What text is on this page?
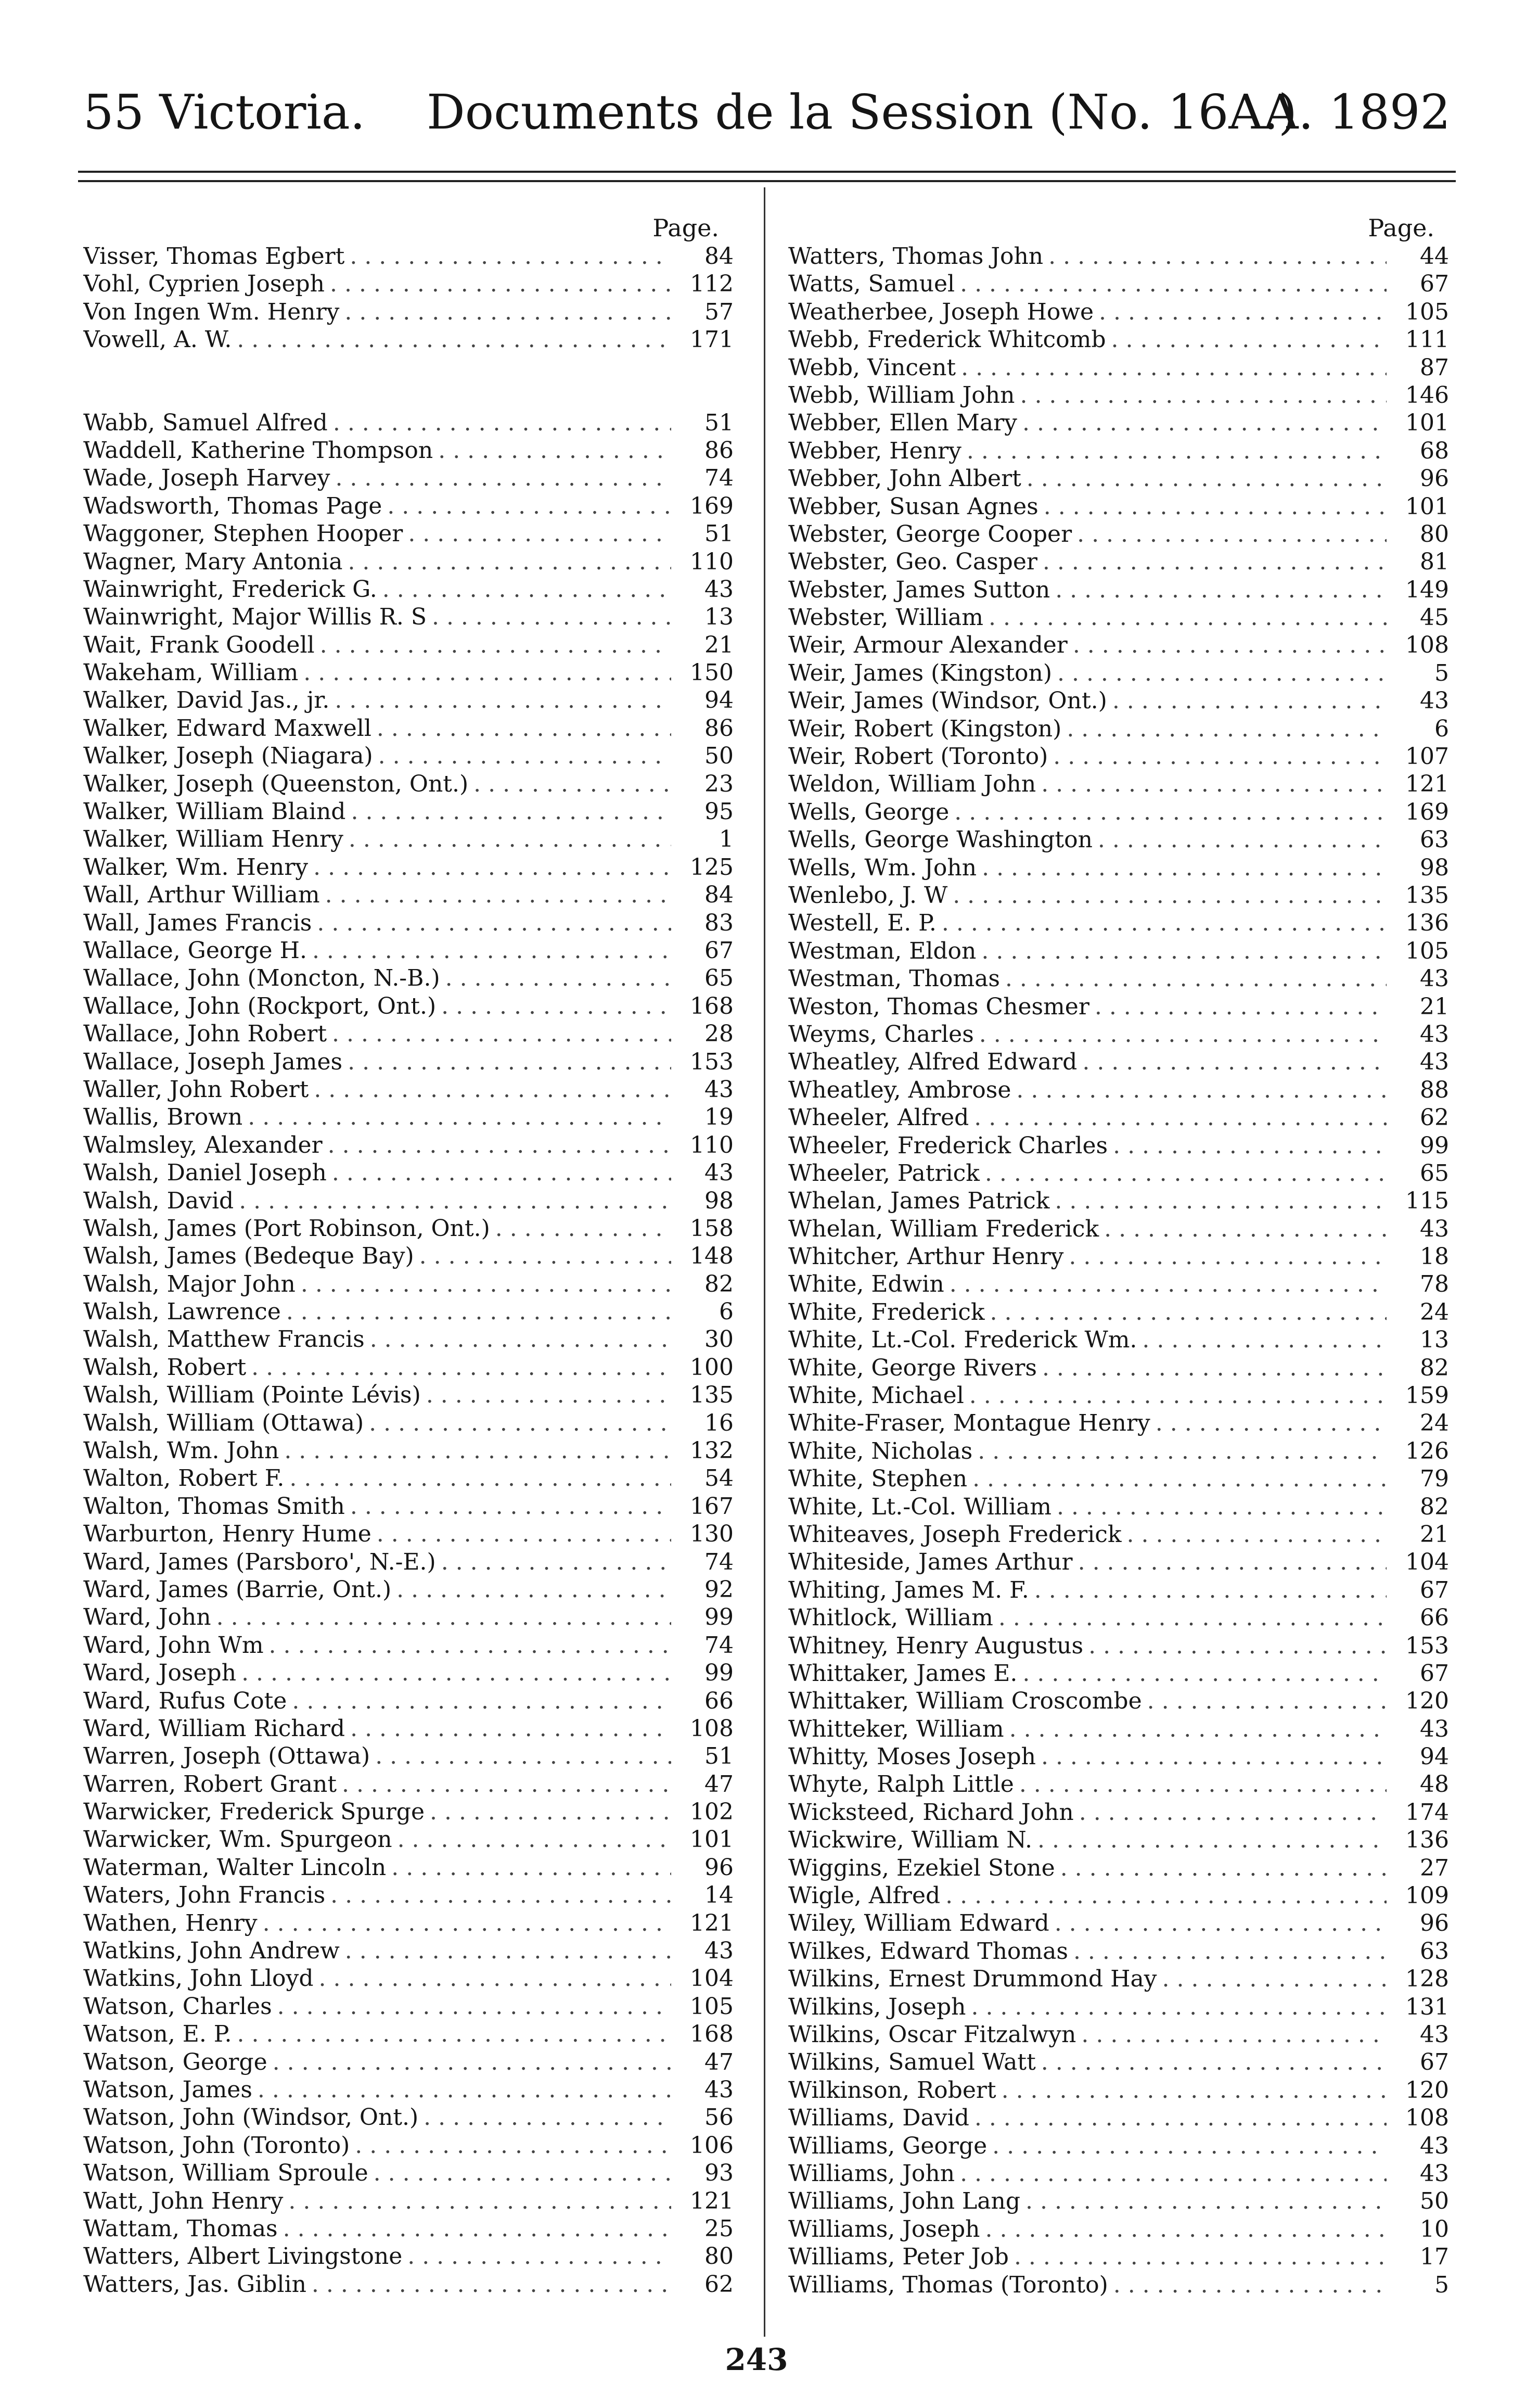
55 Victoria. Documents de la Session (No. 16A.)
A. 1892
Page.
Visser, Thomas Egbert . . .	84
Vohl, Cyprien Joseph . . .	112
Von Ingen Wm. Henry . . .	57
Vowell, A. W. . . .	171
Wabb, Samuel Alfred . . .	51
Waddell, Katherine Thompson . . .	86
Wade, Joseph Harvey . . .	74
Wadsworth, Thomas Page . . .	169
Waggoner, Stephen Hooper . . .	51
Wagner, Mary Antonia . . .	110
Wainwright, Frederick G. . . .	43
Wainwright, Major Willis R. S . . .	13
Wait, Frank Goodell . . .	21
Wakeham, William . . .	150
Walker, David Jas., jr. . . .	94
Walker, Edward Maxwell . . .	86
Walker, Joseph (Niagara) . . .	50
Walker, Joseph (Queenston, Ont.) . . .	23
Walker, William Blaind . . .	95
Walker, William Henry . . .	1
Walker, Wm. Henry . . .	125
Wall, Arthur William . . .	84
Wall, James Francis . . .	83
Wallace, George H. . . .	67
Wallace, John (Moncton, N.-B.) . . .	65
Wallace, John (Rockport, Ont.) . . .	168
Wallace, John Robert . . .	28
Wallace, Joseph James . . .	153
Waller, John Robert . . .	43
Wallis, Brown . . .	19
Walmsley, Alexander . . .	110
Walsh, Daniel Joseph . . .	43
Walsh, David . . .	98
Walsh, James (Port Robinson, Ont.) . . .	158
Walsh, James (Bedeque Bay) . . .	148
Walsh, Major John . . .	82
Walsh, Lawrence . . .	6
Walsh, Matthew Francis . . .	30
Walsh, Robert . . .	100
Walsh, William (Pointe Lévis) . . .	135
Walsh, William (Ottawa) . . .	16
Walsh, Wm. John . . .	132
Walton, Robert F. . . .	54
Walton, Thomas Smith . . .	167
Warburton, Henry Hume . . .	130
Ward, James (Parsboro', N.-E.) . . .	74
Ward, James (Barrie, Ont.) . . .	92
Ward, John . . .	99
Ward, John Wm . . .	74
Ward, Joseph . . .	99
Ward, Rufus Cote . . .	66
Ward, William Richard . . .	108
Warren, Joseph (Ottawa) . . .	51
Warren, Robert Grant . . .	47
Warwicker, Frederick Spurge . . .	102
Warwicker, Wm. Spurgeon . . .	101
Waterman, Walter Lincoln . . .	96
Waters, John Francis . . .	14
Wathen, Henry . . .	121
Watkins, John Andrew . . .	43
Watkins, John Lloyd . . .	104
Watson, Charles . . .	105
Watson, E. P. . . .	168
Watson, George . . .	47
Watson, James . . .	43
Watson, John (Windsor, Ont.) . . .	56
Watson, John (Toronto) . . .	106
Watson, William Sproule . . .	93
Watt, John Henry . . .	121
Wattam, Thomas . . .	25
Watters, Albert Livingstone . . .	80
Watters, Jas. Giblin . . .	62
Page.
Watters, Thomas John . . .	44
Watts, Samuel . . .	67
Weatherbee, Joseph Howe . . .	105
Webb, Frederick Whitcomb . . .	111
Webb, Vincent . . .	87
Webb, William John . . .	146
Webber, Ellen Mary . . .	101
Webber, Henry . . .	68
Webber, John Albert . . .	96
Webber, Susan Agnes . . .	101
Webster, George Cooper . . .	80
Webster, Geo. Casper . . .	81
Webster, James Sutton . . .	149
Webster, William . . .	45
Weir, Armour Alexander . . .	108
Weir, James (Kingston) . . .	5
Weir, James (Windsor, Ont.) . . .	43
Weir, Robert (Kingston) . . .	6
Weir, Robert (Toronto) . . .	107
Weldon, William John . . .	121
Wells, George . . .	169
Wells, George Washington . . .	63
Wells, Wm. John . . .	98
Wenlebo, J. W . . .	135
Westell, E. P. . . .	136
Westman, Eldon . . .	105
Westman, Thomas . . .	43
Weston, Thomas Chesmer . . .	21
Weyms, Charles . . .	43
Wheatley, Alfred Edward . . .	43
Wheatley, Ambrose . . .	88
Wheeler, Alfred . . .	62
Wheeler, Frederick Charles . . .	99
Wheeler, Patrick . . .	65
Whelan, James Patrick . . .	115
Whelan, William Frederick . . .	43
Whitcher, Arthur Henry . . .	18
White, Edwin . . .	78
White, Frederick . . .	24
White, Lt.-Col. Frederick Wm. . . .	13
White, George Rivers . . .	82
White, Michael . . .	159
White-Fraser, Montague Henry . . .	24
White, Nicholas . . .	126
White, Stephen . . .	79
White, Lt.-Col. William . . .	82
Whiteaves, Joseph Frederick . . .	21
Whiteside, James Arthur . . .	104
Whiting, James M. F. . . .	67
Whitlock, William . . .	66
Whitney, Henry Augustus . . .	153
Whittaker, James E. . . .	67
Whittaker, William Croscombe . . .	120
Whitteker, William . . .	43
Whitty, Moses Joseph . . .	94
Whyte, Ralph Little . . .	48
Wicksteed, Richard John . . .	174
Wickwire, William N. . . .	136
Wiggins, Ezekiel Stone . . .	27
Wigle, Alfred . . .	109
Wiley, William Edward . . .	96
Wilkes, Edward Thomas . . .	63
Wilkins, Ernest Drummond Hay . . .	128
Wilkins, Joseph . . .	131
Wilkins, Oscar Fitzalwyn . . .	43
Wilkins, Samuel Watt . . .	67
Wilkinson, Robert . . .	120
Williams, David . . .	108
Williams, George . . .	43
Williams, John . . .	43
Williams, John Lang . . .	50
Williams, Joseph . . .	10
Williams, Peter Job . . .	17
Williams, Thomas (Toronto) . . .	5
243
